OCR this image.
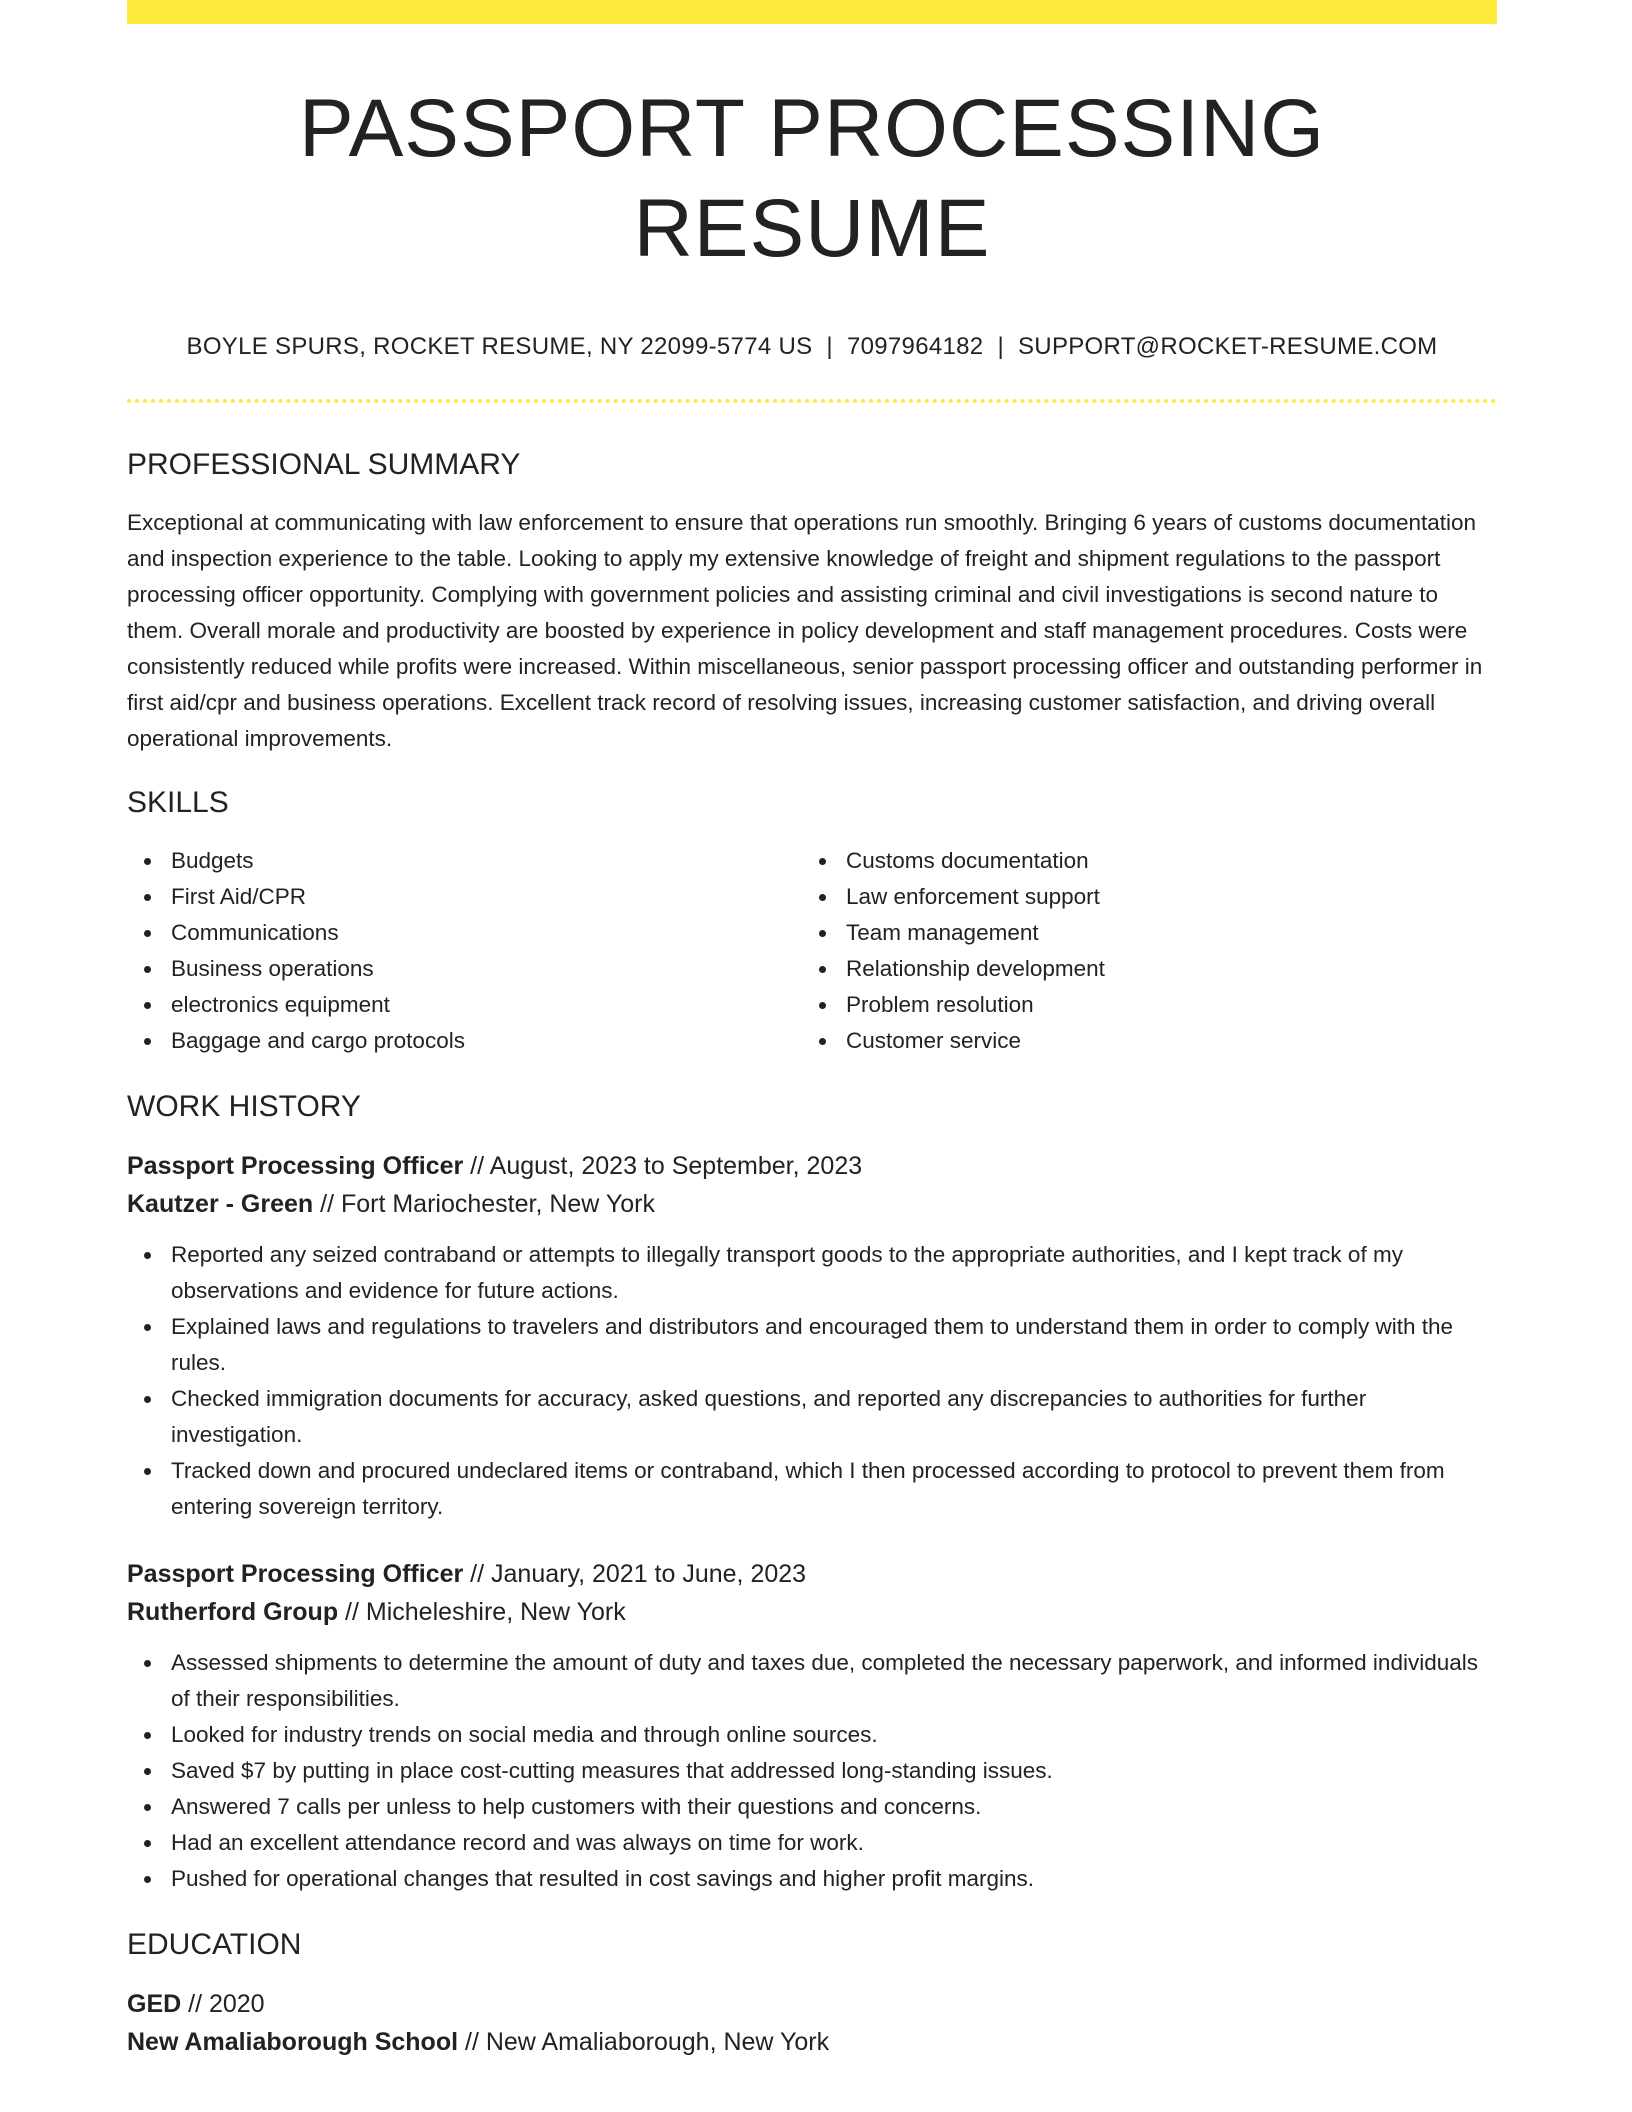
PASSPORT PROCESSING RESUME
BOYLE SPURS, ROCKET RESUME, NY 22099-5774 US | 7097964182 | SUPPORT@ROCKET-RESUME.COM
PROFESSIONAL SUMMARY
Exceptional at communicating with law enforcement to ensure that operations run smoothly. Bringing 6 years of customs documentation and inspection experience to the table. Looking to apply my extensive knowledge of freight and shipment regulations to the passport processing officer opportunity. Complying with government policies and assisting criminal and civil investigations is second nature to them. Overall morale and productivity are boosted by experience in policy development and staff management procedures. Costs were consistently reduced while profits were increased. Within miscellaneous, senior passport processing officer and outstanding performer in first aid/cpr and business operations. Excellent track record of resolving issues, increasing customer satisfaction, and driving overall operational improvements.
SKILLS
Budgets
First Aid/CPR
Communications
Business operations
electronics equipment
Baggage and cargo protocols
Customs documentation
Law enforcement support
Team management
Relationship development
Problem resolution
Customer service
WORK HISTORY
Passport Processing Officer // August, 2023 to September, 2023
Kautzer - Green // Fort Mariochester, New York
Reported any seized contraband or attempts to illegally transport goods to the appropriate authorities, and I kept track of my observations and evidence for future actions.
Explained laws and regulations to travelers and distributors and encouraged them to understand them in order to comply with the rules.
Checked immigration documents for accuracy, asked questions, and reported any discrepancies to authorities for further investigation.
Tracked down and procured undeclared items or contraband, which I then processed according to protocol to prevent them from entering sovereign territory.
Passport Processing Officer // January, 2021 to June, 2023
Rutherford Group // Micheleshire, New York
Assessed shipments to determine the amount of duty and taxes due, completed the necessary paperwork, and informed individuals of their responsibilities.
Looked for industry trends on social media and through online sources.
Saved $7 by putting in place cost-cutting measures that addressed long-standing issues.
Answered 7 calls per unless to help customers with their questions and concerns.
Had an excellent attendance record and was always on time for work.
Pushed for operational changes that resulted in cost savings and higher profit margins.
EDUCATION
GED // 2020
New Amaliaborough School // New Amaliaborough, New York
